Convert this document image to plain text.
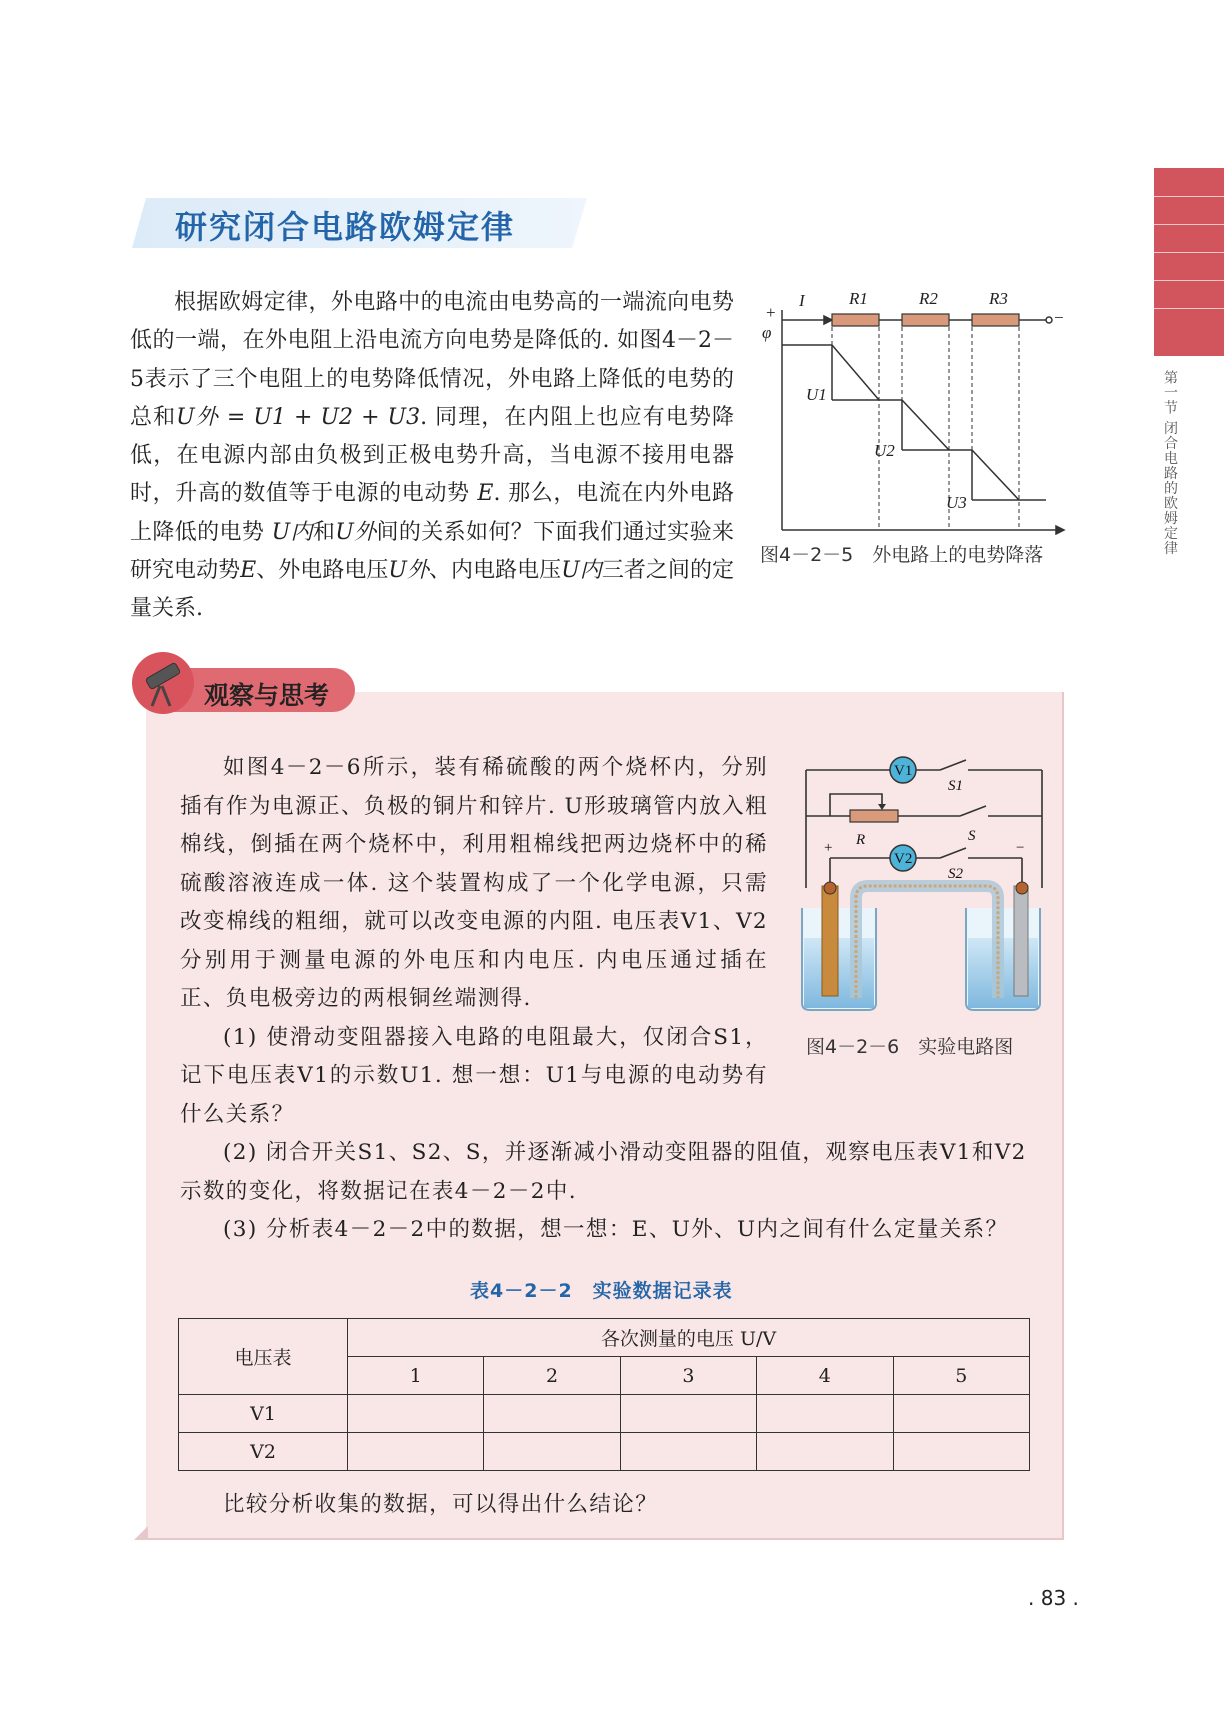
第一节 闭合电路的欧姆定律
研究闭合电路欧姆定律

根据欧姆定律，外电路中的电流由电势高的一端流向电势低的一端，在外电阻上沿电流方向电势是降低的. 如图4－2－5表示了三个电阻上的电势降低情况，外电路上降低的电势的总和U外 = U1 + U2 + U3. 同理，在内阻上也应有电势降低，在电源内部由负极到正极电势升高，当电源不接用电器时，升高的数值等于电源的电动势 E. 那么，电流在内外电路上降低的电势 U内和U外间的关系如何？下面我们通过实验来研究电动势E、外电路电压U外、内电路电压U内三者之间的定量关系.

+
φ
I	R1	R2	R3
−
U1
U2
U3
图4－2－5　外电路上的电势降落
观察与思考

如图4－2－6所示，装有稀硫酸的两个烧杯内，分别插有作为电源正、负极的铜片和锌片. U形玻璃管内放入粗棉线，倒插在两个烧杯中，利用粗棉线把两边烧杯中的稀硫酸溶液连成一体. 这个装置构成了一个化学电源，只需改变棉线的粗细，就可以改变电源的内阻. 电压表V1、V2分别用于测量电源的外电压和内电压. 内电压通过插在正、负电极旁边的两根铜丝端测得.

(1) 使滑动变阻器接入电路的电阻最大，仅闭合S1，记下电压表V1的示数U1. 想一想：U1与电源的电动势有什么关系？

(2) 闭合开关S1、S2、S，并逐渐减小滑动变阻器的阻值，观察电压表V1和V2示数的变化，将数据记在表4－2－2中.

(3) 分析表4－2－2中的数据，想一想：E、U外、U内之间有什么定量关系？

V1
V2
S1
S
S2
R
+	−
图4－2－6　实验电路图
表4－2－2　实验数据记录表
电压表	各次测量的电压 U/V				
	1	2	3	4	5
V1					
V2					

比较分析收集的数据，可以得出什么结论？

. 83 .
